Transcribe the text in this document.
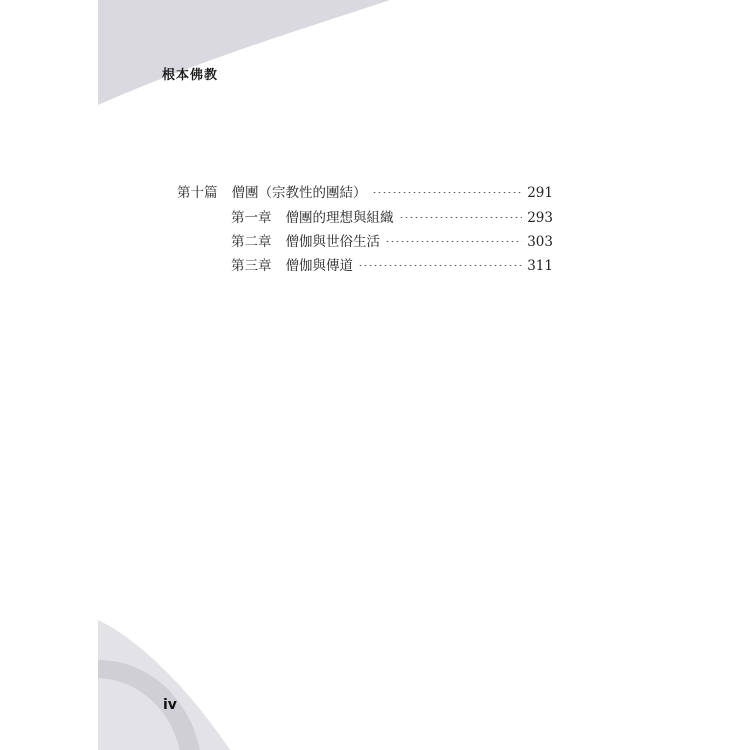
根本佛教
第十篇 僧團（宗教性的團結）	291
第一章 僧團的理想與組織	293
第二章 僧伽與世俗生活	303
第三章 僧伽與傳道	311
iv
